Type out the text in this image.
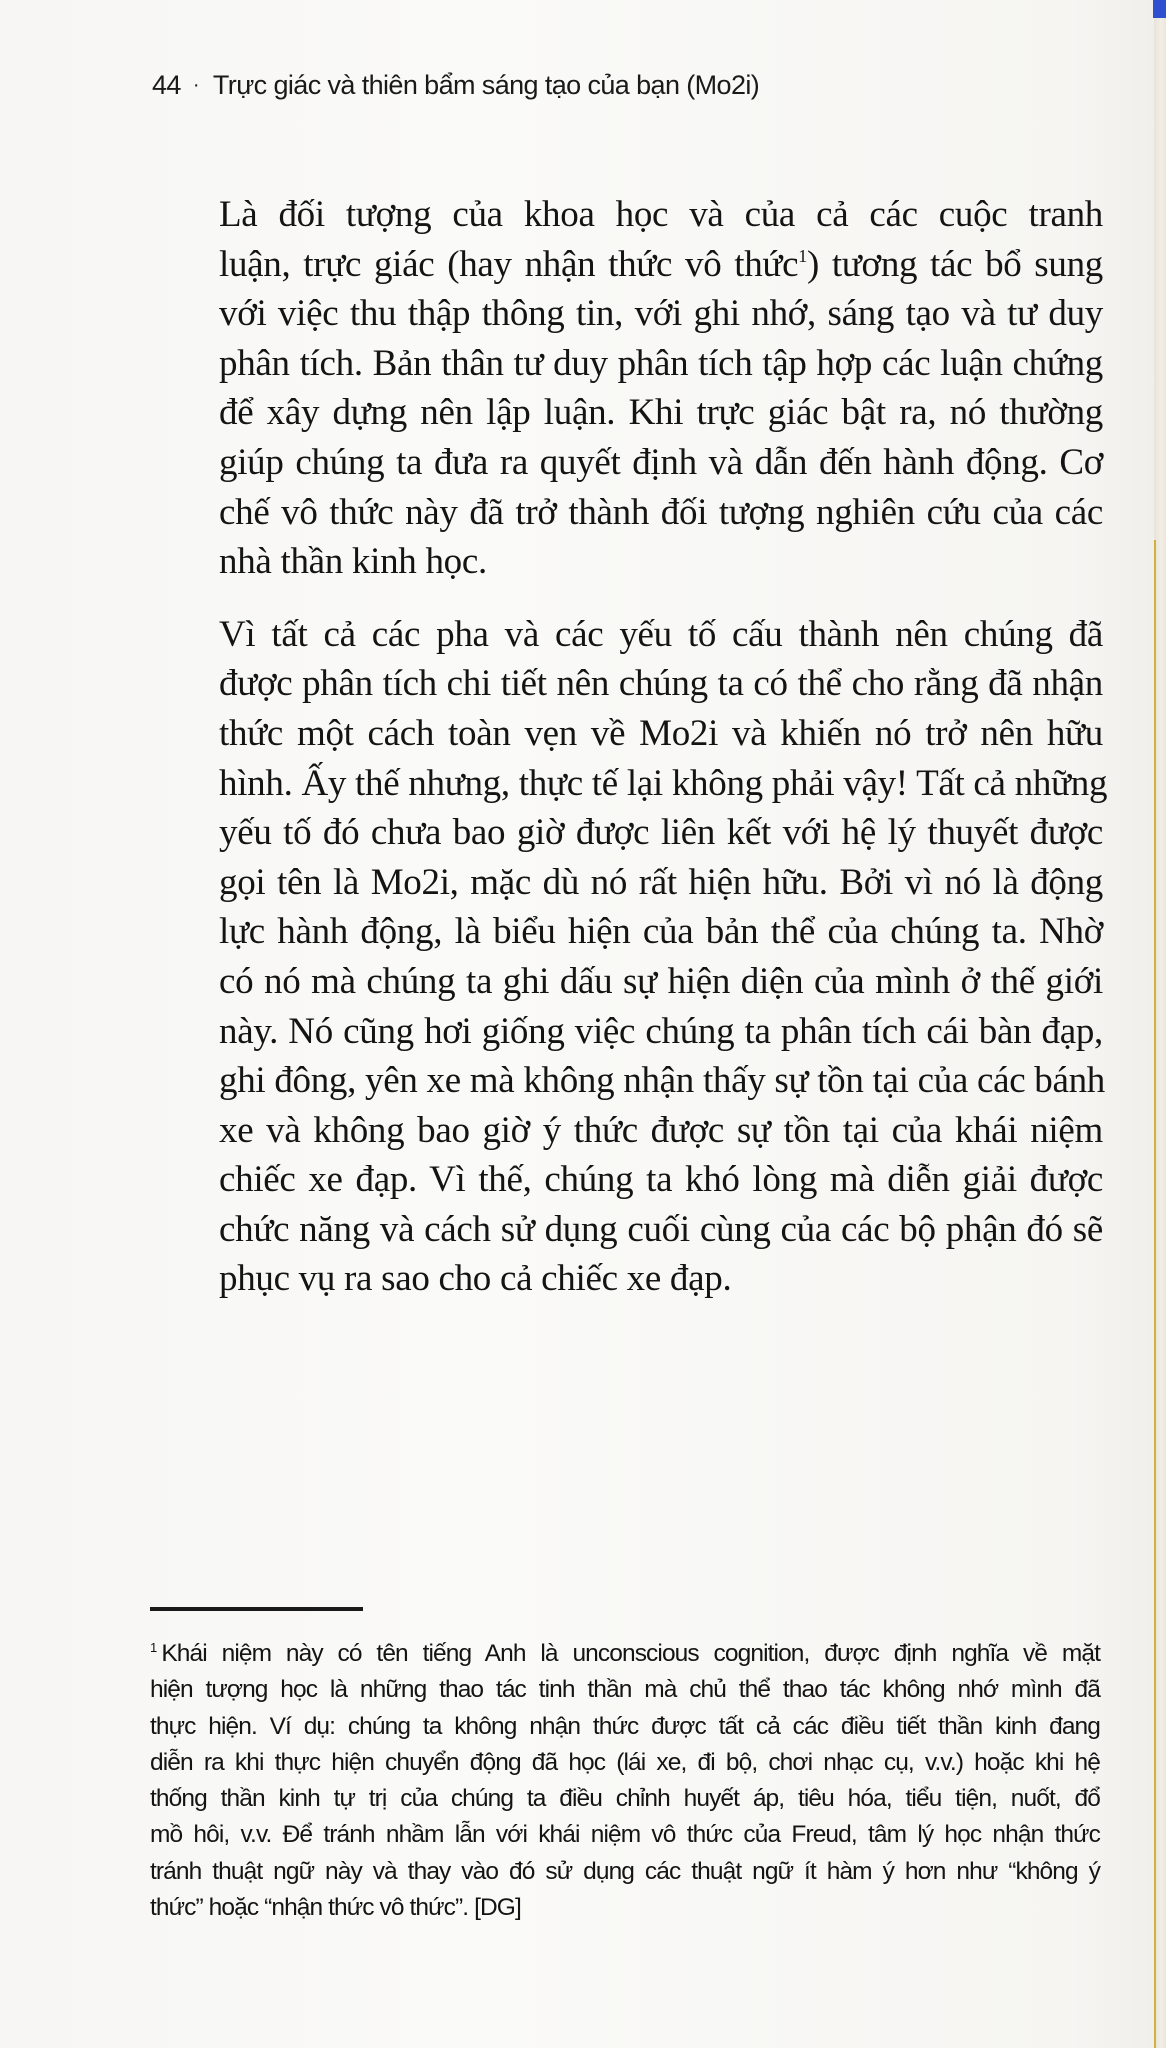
44 · Trực giác và thiên bẩm sáng tạo của bạn (Mo2i)

Là đối tượng của khoa học và của cả các cuộc tranh
luận, trực giác (hay nhận thức vô thức$^1$) tương tác bổ sung
với việc thu thập thông tin, với ghi nhớ, sáng tạo và tư duy
phân tích. Bản thân tư duy phân tích tập hợp các luận chứng
để xây dựng nên lập luận. Khi trực giác bật ra, nó thường
giúp chúng ta đưa ra quyết định và dẫn đến hành động. Cơ
chế vô thức này đã trở thành đối tượng nghiên cứu của các
nhà thần kinh học.

Vì tất cả các pha và các yếu tố cấu thành nên chúng đã
được phân tích chi tiết nên chúng ta có thể cho rằng đã nhận
thức một cách toàn vẹn về Mo2i và khiến nó trở nên hữu
hình. Ấy thế nhưng, thực tế lại không phải vậy! Tất cả những
yếu tố đó chưa bao giờ được liên kết với hệ lý thuyết được
gọi tên là Mo2i, mặc dù nó rất hiện hữu. Bởi vì nó là động
lực hành động, là biểu hiện của bản thể của chúng ta. Nhờ
có nó mà chúng ta ghi dấu sự hiện diện của mình ở thế giới
này. Nó cũng hơi giống việc chúng ta phân tích cái bàn đạp,
ghi đông, yên xe mà không nhận thấy sự tồn tại của các bánh
xe và không bao giờ ý thức được sự tồn tại của khái niệm
chiếc xe đạp. Vì thế, chúng ta khó lòng mà diễn giải được
chức năng và cách sử dụng cuối cùng của các bộ phận đó sẽ
phục vụ ra sao cho cả chiếc xe đạp.

$^1$ Khái niệm này có tên tiếng Anh là unconscious cognition, được định nghĩa về mặt
hiện tượng học là những thao tác tinh thần mà chủ thể thao tác không nhớ mình đã
thực hiện. Ví dụ: chúng ta không nhận thức được tất cả các điều tiết thần kinh đang
diễn ra khi thực hiện chuyển động đã học (lái xe, đi bộ, chơi nhạc cụ, v.v.) hoặc khi hệ
thống thần kinh tự trị của chúng ta điều chỉnh huyết áp, tiêu hóa, tiểu tiện, nuốt, đổ
mồ hôi, v.v. Để tránh nhầm lẫn với khái niệm vô thức của Freud, tâm lý học nhận thức
tránh thuật ngữ này và thay vào đó sử dụng các thuật ngữ ít hàm ý hơn như “không ý
thức” hoặc “nhận thức vô thức”. [DG]
